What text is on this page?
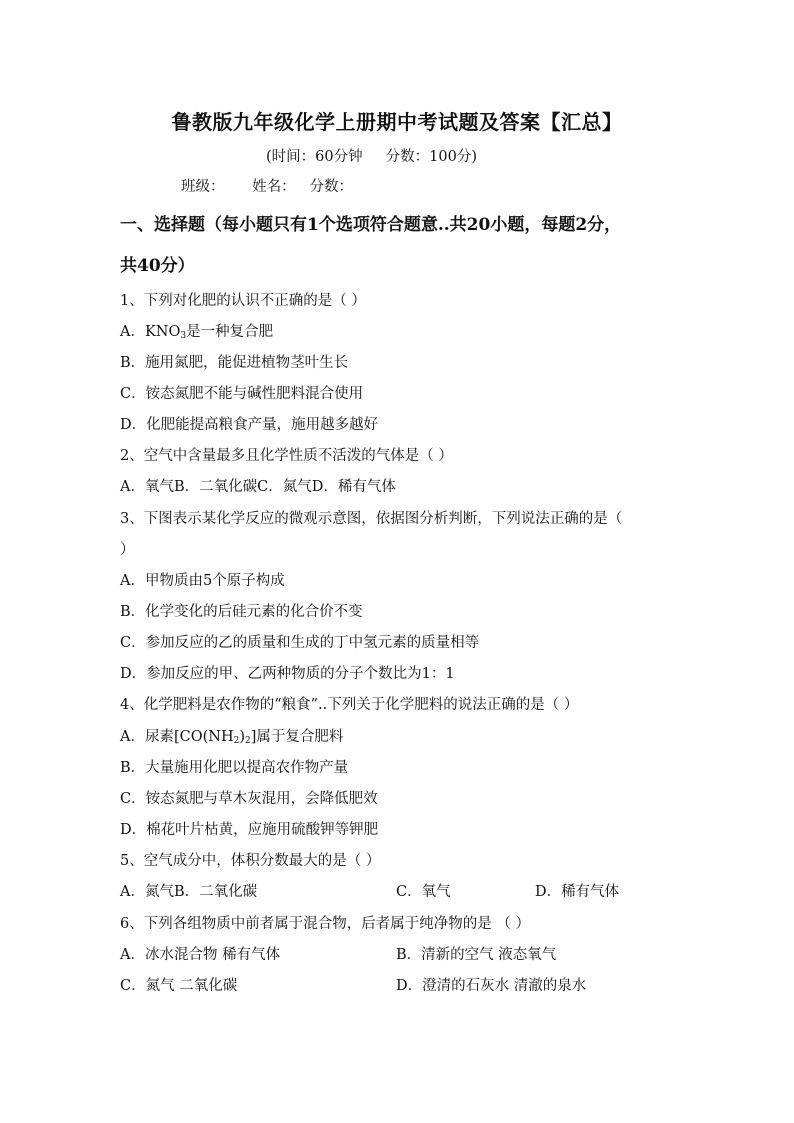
鲁教版九年级化学上册期中考试题及答案【汇总】
(时间：60分钟     分数：100分)
班级：      姓名：   分数：
一、选择题（每小题只有1个选项符合题意..共20小题，每题2分，
共40分）
1、下列对化肥的认识不正确的是（ ）
A．$KNO_3$是一种复合肥
B．施用氮肥，能促进植物茎叶生长
C．铵态氮肥不能与碱性肥料混合使用
D．化肥能提高粮食产量，施用越多越好
2、空气中含量最多且化学性质不活泼的气体是（ ）
A．氧气B．二氧化碳C．氮气D．稀有气体
3、下图表示某化学反应的微观示意图，依据图分析判断，下列说法正确的是（
）
A．甲物质由5个原子构成
B．化学变化的后硅元素的化合价不变
C．参加反应的乙的质量和生成的丁中氢元素的质量相等
D．参加反应的甲、乙两种物质的分子个数比为1：1
4、化学肥料是农作物的“粮食”..下列关于化学肥料的说法正确的是（ ）
A．尿素$[CO(NH_2)_2]$属于复合肥料
B．大量施用化肥以提高农作物产量
C．铵态氮肥与草木灰混用，会降低肥效
D．棉花叶片枯黄，应施用硫酸钾等钾肥
5、空气成分中，体积分数最大的是（ ）
A．氮气B．二氧化碳	C．氧气	D．稀有气体
6、下列各组物质中前者属于混合物，后者属于纯净物的是 （ ）
A．冰水混合物 稀有气体	B．清新的空气 液态氧气
C．氮气 二氧化碳	D．澄清的石灰水 清澈的泉水
